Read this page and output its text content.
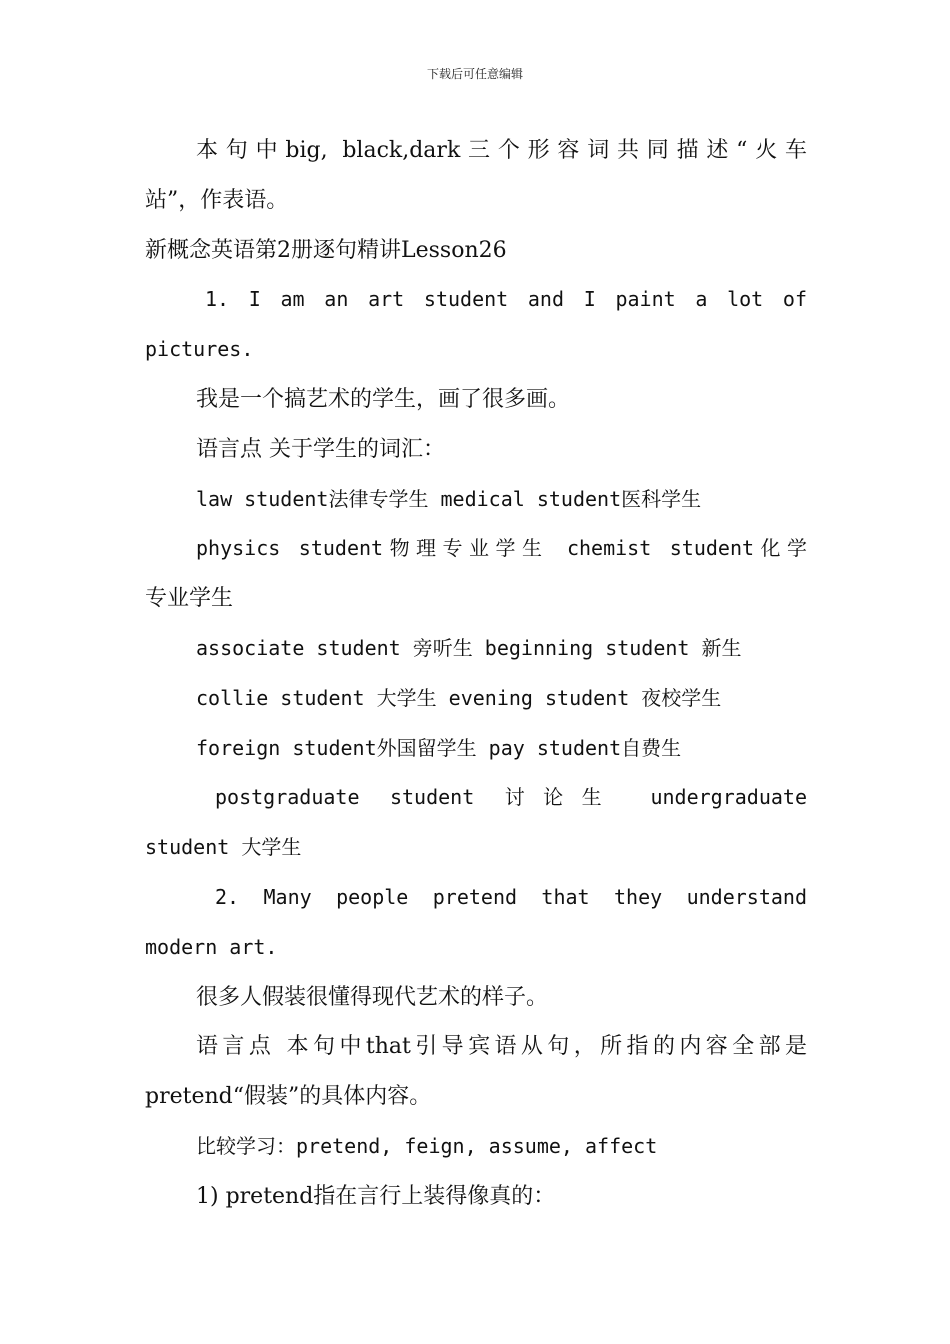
下载后可任意编辑
本句中big, black,dark三个形容词共同描述“火车
站”，作表语。
新概念英语第2册逐句精讲Lesson26
1. I am an art student and I paint a lot of
pictures.
我是一个搞艺术的学生，画了很多画。
语言点 关于学生的词汇：
law student法律专学生 medical student医科学生
physics student物理专业学生 chemist student化学
专业学生
associate student 旁听生 beginning student 新生
collie student 大学生 evening student 夜校学生
foreign student外国留学生 pay student自费生
postgraduate student 讨论生 undergraduate
student 大学生
2. Many people pretend that they understand
modern art.
很多人假装很懂得现代艺术的样子。
语言点 本句中that引导宾语从句，所指的内容全部是
pretend“假装”的具体内容。
比较学习：pretend, feign, assume, affect
1) pretend指在言行上装得像真的：
